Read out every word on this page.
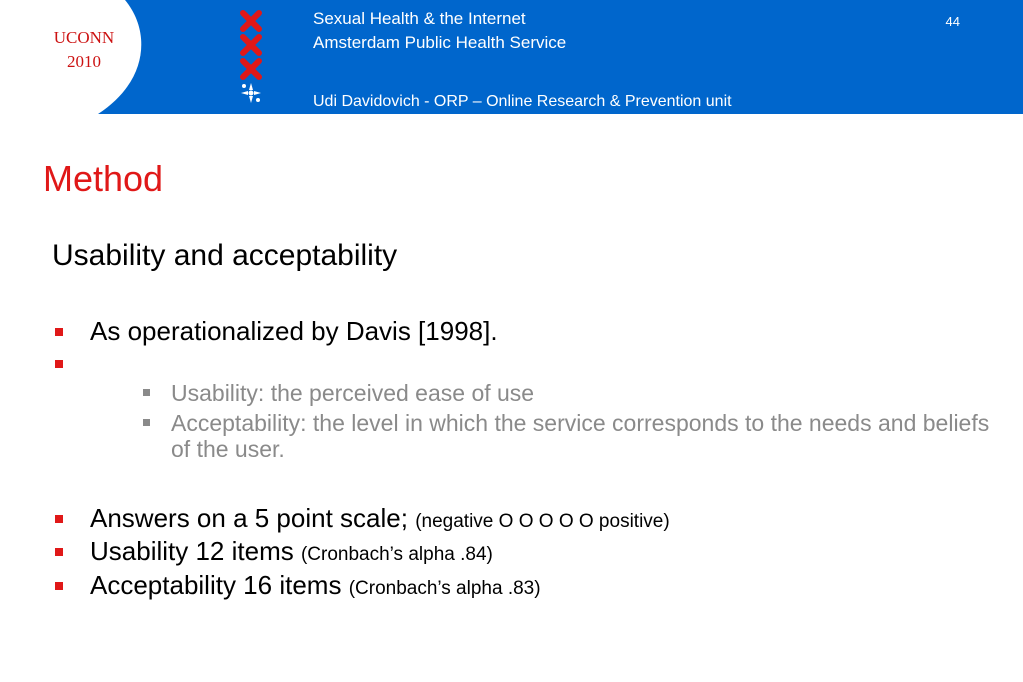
UCONN
2010
Sexual Health & the Internet
Amsterdam Public Health Service
Udi Davidovich - ORP – Online Research & Prevention unit
44
Method
Usability and acceptability
As operationalized by Davis [1998].
Usability: the perceived ease of use
Acceptability: the level in which the service corresponds to the needs and beliefs of the user.
Answers on a 5 point scale; (negative O O O O O positive)
Usability 12 items (Cronbach’s alpha .84)
Acceptability 16 items (Cronbach’s alpha .83)
